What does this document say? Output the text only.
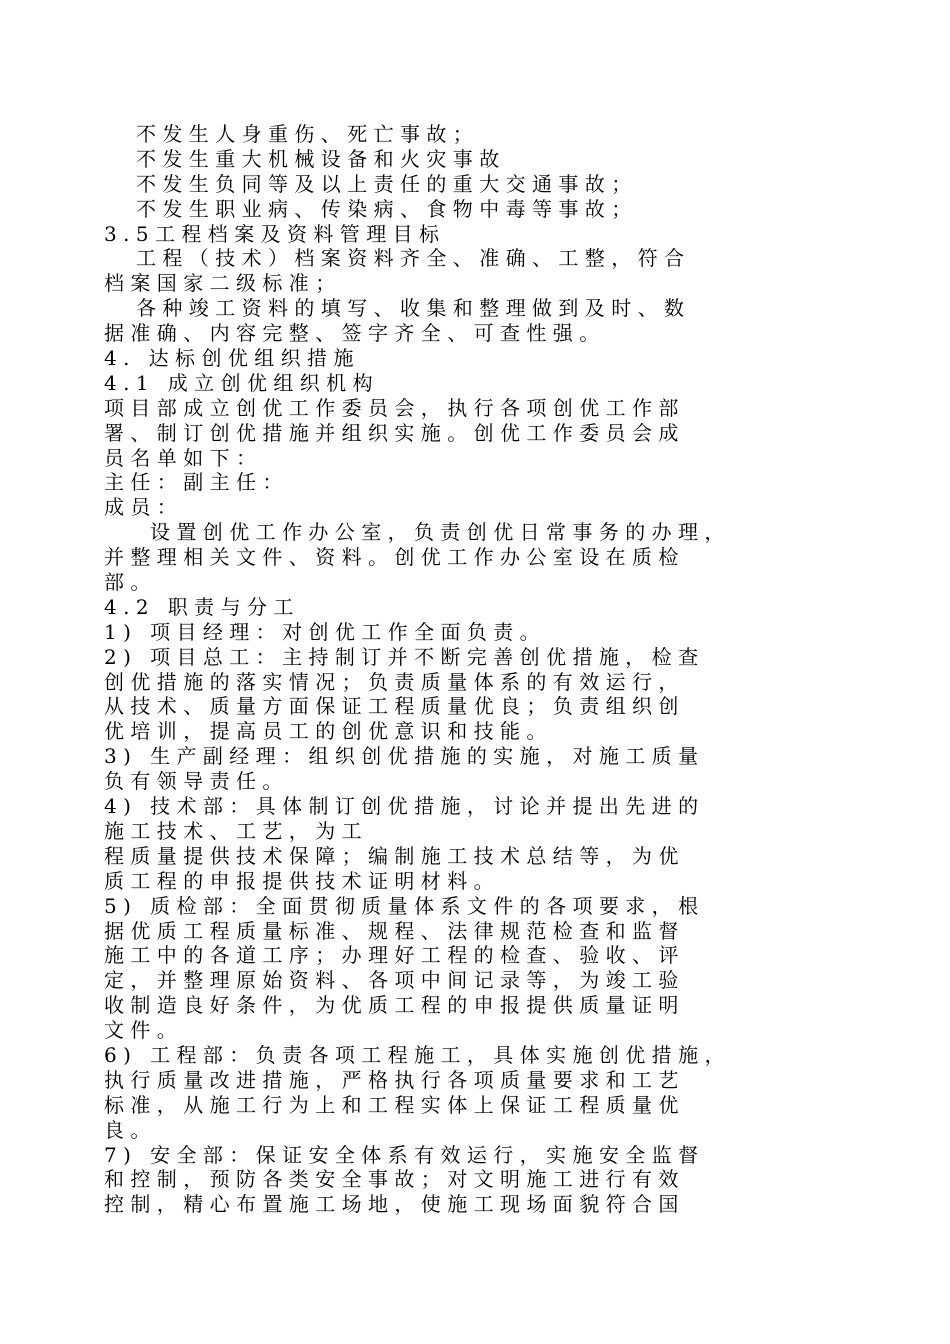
不发生人身重伤、死亡事故；
不发生重大机械设备和火灾事故
不发生负同等及以上责任的重大交通事故；
不发生职业病、传染病、食物中毒等事故；
3.5工程档案及资料管理目标
工程（技术）档案资料齐全、准确、工整，符合
档案国家二级标准；
各种竣工资料的填写、收集和整理做到及时、数
据准确、内容完整、签字齐全、可查性强。
4. 达标创优组织措施
4.1 成立创优组织机构
项目部成立创优工作委员会，执行各项创优工作部
署、制订创优措施并组织实施。创优工作委员会成
员名单如下：
主任：副主任：
成员：
设置创优工作办公室，负责创优日常事务的办理，
并整理相关文件、资料。创优工作办公室设在质检
部。
4.2 职责与分工
1) 项目经理：对创优工作全面负责。
2) 项目总工：主持制订并不断完善创优措施，检查
创优措施的落实情况；负责质量体系的有效运行，
从技术、质量方面保证工程质量优良；负责组织创
优培训，提高员工的创优意识和技能。
3) 生产副经理：组织创优措施的实施，对施工质量
负有领导责任。
4) 技术部：具体制订创优措施，讨论并提出先进的
施工技术、工艺，为工
程质量提供技术保障；编制施工技术总结等，为优
质工程的申报提供技术证明材料。
5) 质检部：全面贯彻质量体系文件的各项要求，根
据优质工程质量标准、规程、法律规范检查和监督
施工中的各道工序；办理好工程的检查、验收、评
定，并整理原始资料、各项中间记录等，为竣工验
收制造良好条件，为优质工程的申报提供质量证明
文件。
6) 工程部：负责各项工程施工，具体实施创优措施，
执行质量改进措施，严格执行各项质量要求和工艺
标准，从施工行为上和工程实体上保证工程质量优
良。
7) 安全部：保证安全体系有效运行，实施安全监督
和控制，预防各类安全事故；对文明施工进行有效
控制，精心布置施工场地，使施工现场面貌符合国
